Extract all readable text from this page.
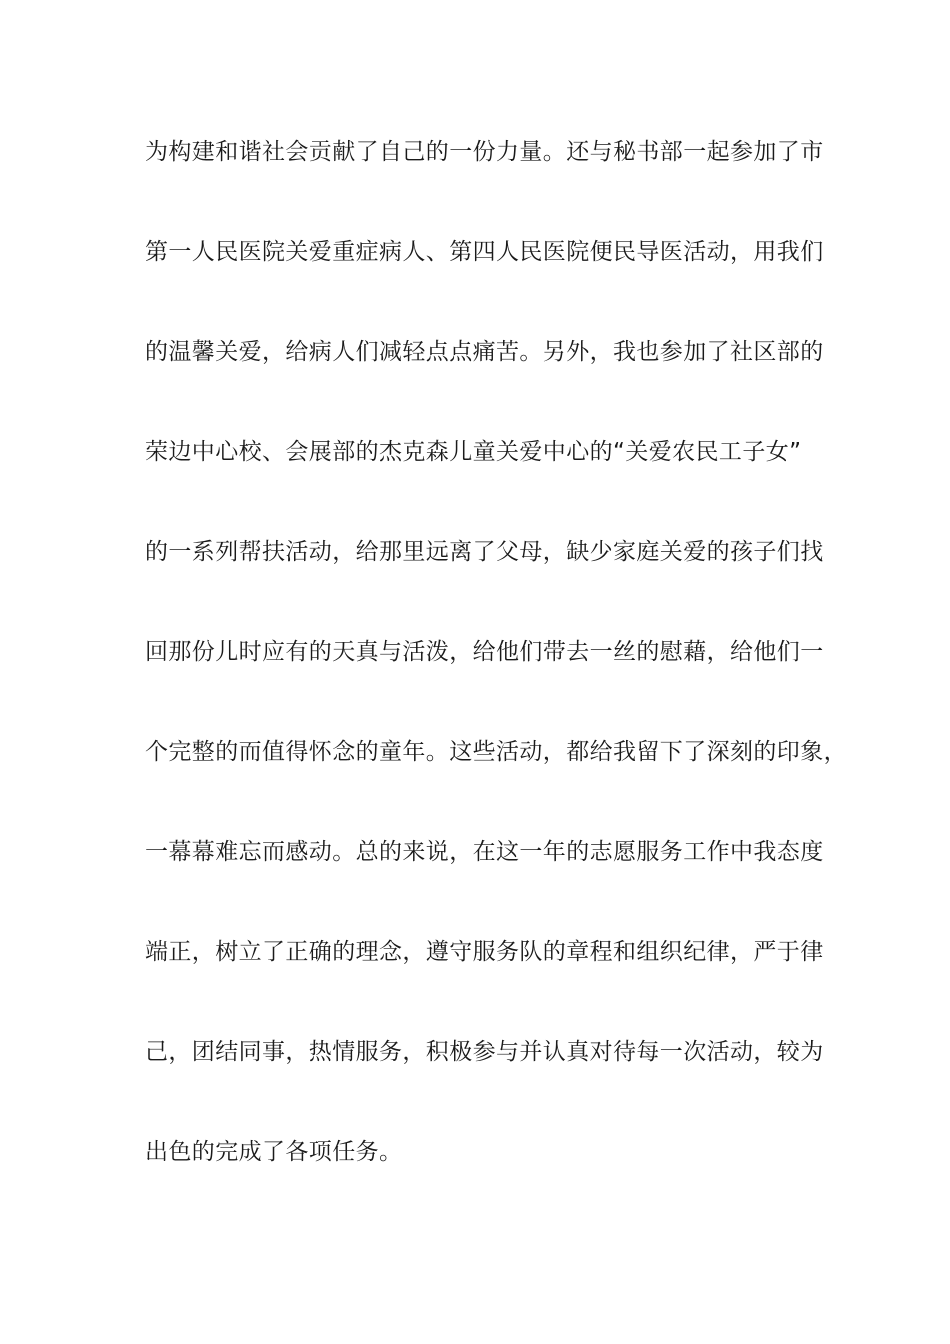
为构建和谐社会贡献了自己的一份力量。还与秘书部一起参加了市
第一人民医院关爱重症病人、第四人民医院便民导医活动，用我们
的温馨关爱，给病人们减轻点点痛苦。另外，我也参加了社区部的
荣边中心校、会展部的杰克森儿童关爱中心的“关爱农民工子女”
的一系列帮扶活动，给那里远离了父母，缺少家庭关爱的孩子们找
回那份儿时应有的天真与活泼，给他们带去一丝的慰藉，给他们一
个完整的而值得怀念的童年。这些活动，都给我留下了深刻的印象，
一幕幕难忘而感动。总的来说，在这一年的志愿服务工作中我态度
端正，树立了正确的理念，遵守服务队的章程和组织纪律，严于律
己，团结同事，热情服务，积极参与并认真对待每一次活动，较为
出色的完成了各项任务。
